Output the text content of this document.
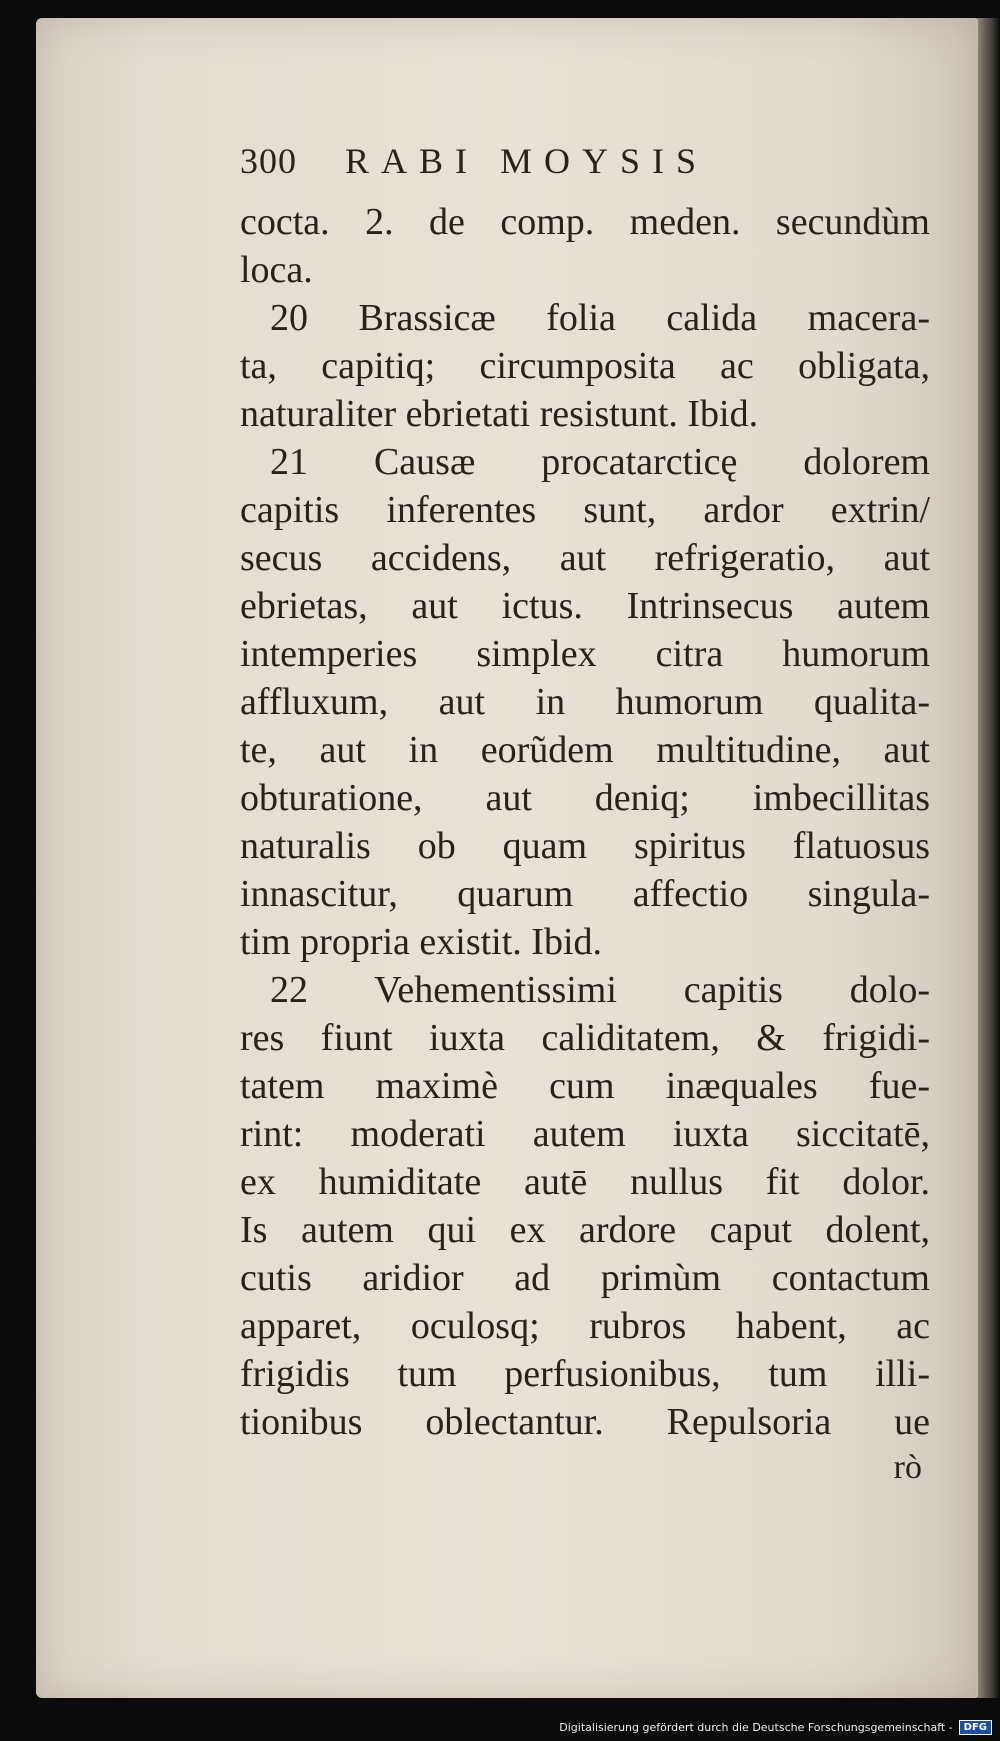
300 RABI MOYSIS
cocta. 2. de comp. meden. secundùm
loca.
20 Brassicæ folia calida macera-
ta, capitiq; circumposita ac obligata,
naturaliter ebrietati resistunt. Ibid.
21 Causæ procatarcticę dolorem
capitis inferentes sunt, ardor extrin/
secus accidens, aut refrigeratio, aut
ebrietas, aut ictus. Intrinsecus autem
intemperies simplex citra humorum
affluxum, aut in humorum qualita-
te, aut in eorũdem multitudine, aut
obturatione, aut deniq; imbecillitas
naturalis ob quam spiritus flatuosus
innascitur, quarum affectio singula-
tim propria existit. Ibid.
22 Vehementissimi capitis dolo-
res fiunt iuxta caliditatem, & frigidi-
tatem maximè cum inæquales fue-
rint: moderati autem iuxta siccitatē,
ex humiditate autē nullus fit dolor.
Is autem qui ex ardore caput dolent,
cutis aridior ad primùm contactum
apparet, oculosq; rubros habent, ac
frigidis tum perfusionibus, tum illi-
tionibus oblectantur. Repulsoria ue
rò
Digitalisierung gefördert durch die Deutsche Forschungsgemeinschaft -	DFG
